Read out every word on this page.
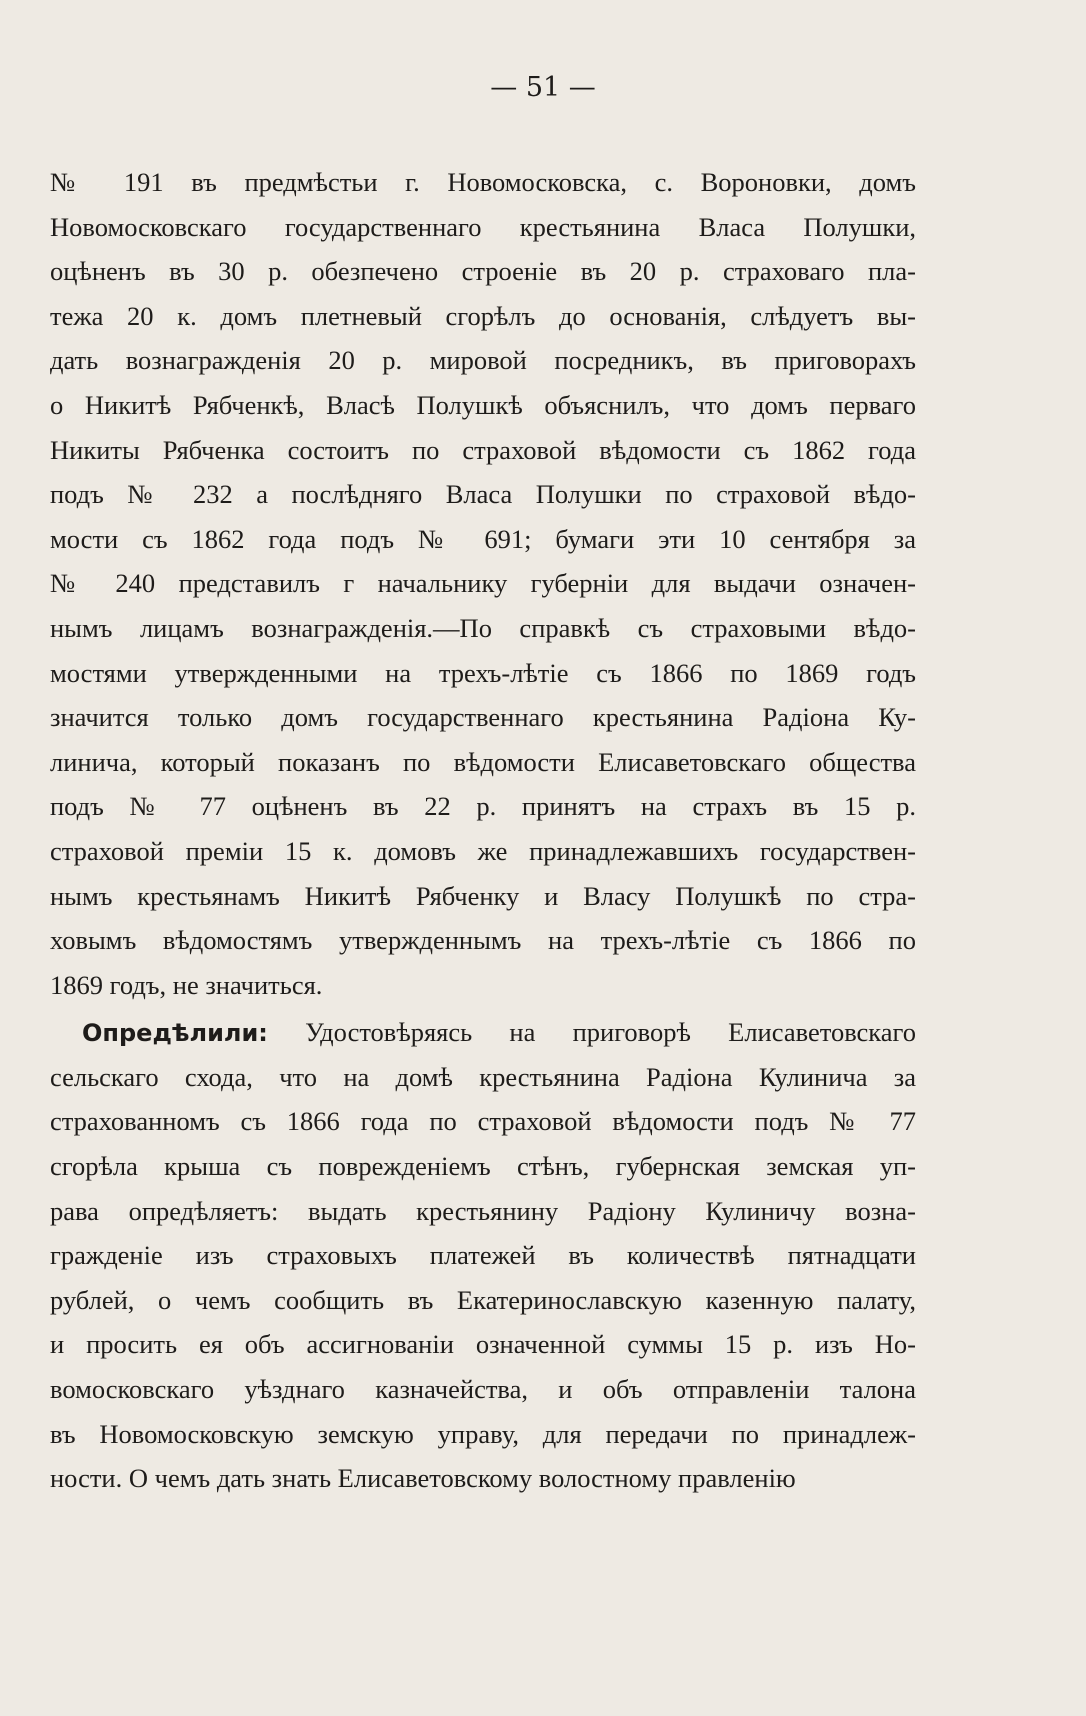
— 51 —
№ 191 въ предмѣстьи г. Новомосковска, с. Вороновки, домъ
Новомосковскаго государственнаго крестьянина Власа Полушки,
оцѣненъ въ 30 р. обезпечено строеніе въ 20 р. страховаго пла-
тежа 20 к. домъ плетневый сгорѣлъ до основанія, слѣдуетъ вы-
дать вознагражденія 20 р. мировой посредникъ, въ приговорахъ
о Никитѣ Рябченкѣ, Власѣ Полушкѣ объяснилъ, что домъ перваго
Никиты Рябченка состоитъ по страховой вѣдомости съ 1862 года
подъ № 232 а послѣдняго Власа Полушки по страховой вѣдо-
мости съ 1862 года подъ № 691; бумаги эти 10 сентября за
№ 240 представилъ г начальнику губерніи для выдачи означен-
нымъ лицамъ вознагражденія.—По справкѣ съ страховыми вѣдо-
мостями утвержденными на трехъ-лѣтіе съ 1866 по 1869 годъ
значится только домъ государственнаго крестьянина Радіона Ку-
линича, который показанъ по вѣдомости Елисаветовскаго общества
подъ № 77 оцѣненъ въ 22 р. принятъ на страхъ въ 15 р.
страховой преміи 15 к. домовъ же принадлежавшихъ государствен-
нымъ крестьянамъ Никитѣ Рябченку и Власу Полушкѣ по стра-
ховымъ вѣдомостямъ утвержденнымъ на трехъ-лѣтіе съ 1866 по
1869 годъ, не значиться.
Опредѣлили: Удостовѣряясь на приговорѣ Елисаветовскаго
сельскаго схода, что на домѣ крестьянина Радіона Кулинича за
страхованномъ съ 1866 года по страховой вѣдомости подъ № 77
сгорѣла крыша съ поврежденіемъ стѣнъ, губернская земская уп-
рава опредѣляетъ: выдать крестьянину Радіону Кулиничу возна-
гражденіе изъ страховыхъ платежей въ количествѣ пятнадцати
рублей, о чемъ сообщить въ Екатеринославскую казенную палату,
и просить ея объ ассигнованіи означенной суммы 15 р. изъ Но-
вомосковскаго уѣзднаго казначейства, и объ отправленіи талона
въ Новомосковскую земскую управу, для передачи по принадлеж-
ности. О чемъ дать знать Елисаветовскому волостному правленію
